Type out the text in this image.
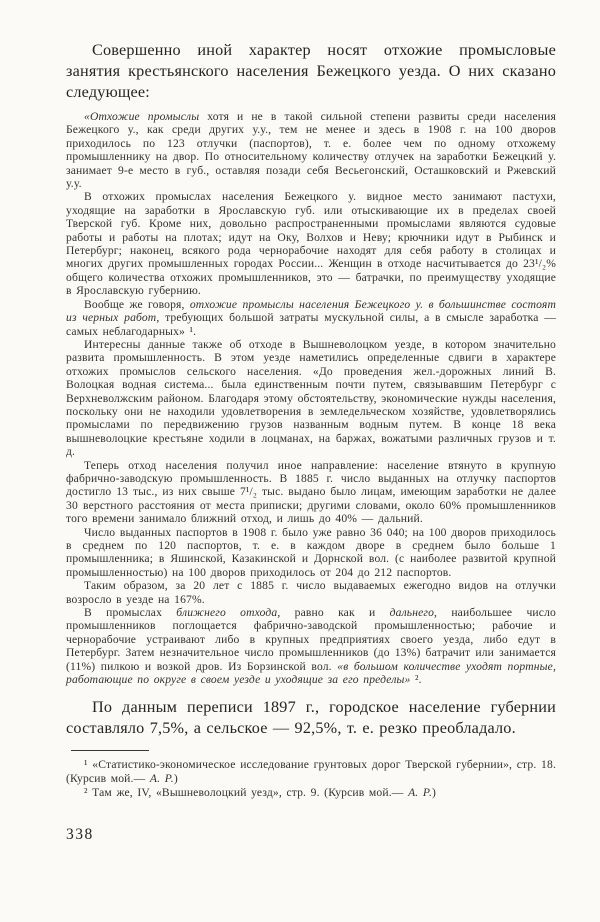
Совершенно иной характер носят отхожие промысловые занятия крестьянского населения Бежецкого уезда. О них сказано следующее:

«Отхожие промыслы хотя и не в такой сильной степени развиты среди населения Бежецкого у., как среди других у.у., тем не менее и здесь в 1908 г. на 100 дворов приходилось по 123 отлучки (паспортов), т. е. более чем по одному отхожему промышленнику на двор. По относительному количеству отлучек на заработки Бежецкий у. занимает 9-е место в губ., оставляя позади себя Весьегонский, Осташковский и Ржевский у.у.

В отхожих промыслах населения Бежецкого у. видное место занимают пастухи, уходящие на заработки в Ярославскую губ. или отыскивающие их в пределах своей Тверской губ. Кроме них, довольно распространенными промыслами являются судовые работы и работы на плотах; идут на Оку, Волхов и Неву; крючники идут в Рыбинск и Петербург; наконец, всякого рода чернорабочие находят для себя работу в столицах и многих других промышленных городах России... Женщин в отходе насчитывается до 23¹/₂% общего количества отхожих промышленников, это — батрачки, по преимуществу уходящие в Ярославскую губернию.

Вообще же говоря, отхожие промыслы населения Бежецкого у. в большинстве состоят из черных работ, требующих большой затраты мускульной силы, а в смысле заработка — самых неблагодарных» ¹.

Интересны данные также об отходе в Вышневолоцком уезде, в котором значительно развита промышленность. В этом уезде наметились определенные сдвиги в характере отхожих промыслов сельского населения. «До проведения жел.-дорожных линий В. Волоцкая водная система... была единственным почти путем, связывавшим Петербург с Верхневолжским районом. Благодаря этому обстоятельству, экономические нужды населения, поскольку они не находили удовлетворения в земледельческом хозяйстве, удовлетворялись промыслами по передвижению грузов названным водным путем. В конце 18 века вышневолоцкие крестьяне ходили в лоцманах, на баржах, вожатыми различных грузов и т. д.

Теперь отход населения получил иное направление: население втянуто в крупную фабрично-заводскую промышленность. В 1885 г. число выданных на отлучку паспортов достигло 13 тыс., из них свыше 7¹/₂ тыс. выдано было лицам, имеющим заработки не далее 30 верстного расстояния от места приписки; другими словами, около 60% промышленников того времени занимало ближний отход, и лишь до 40% — дальний.

Число выданных паспортов в 1908 г. было уже равно 36 040; на 100 дворов приходилось в среднем по 120 паспортов, т. е. в каждом дворе в среднем было больше 1 промышленника; в Яшинской, Казакинской и Дорнской вол. (с наиболее развитой крупной промышленностью) на 100 дворов приходилось от 204 до 212 паспортов.

Таким образом, за 20 лет с 1885 г. число выдаваемых ежегодно видов на отлучки возросло в уезде на 167%.

В промыслах ближнего отхода, равно как и дальнего, наибольшее число промышленников поглощается фабрично-заводской промышленностью; рабочие и чернорабочие устраивают либо в крупных предприятиях своего уезда, либо едут в Петербург. Затем незначительное число промышленников (до 13%) батрачит или занимается (11%) пилкою и возкой дров. Из Борзинской вол. «в большом количестве уходят портные, работающие по округе в своем уезде и уходящие за его пределы» ².

По данным переписи 1897 г., городское население губернии составляло 7,5%, а сельское — 92,5%, т. е. резко преобладало.

¹ «Статистико-экономическое исследование грунтовых дорог Тверской губернии», стр. 18. (Курсив мой.— А. Р.)

² Там же, IV, «Вышневолоцкий уезд», стр. 9. (Курсив мой.— А. Р.)

338
